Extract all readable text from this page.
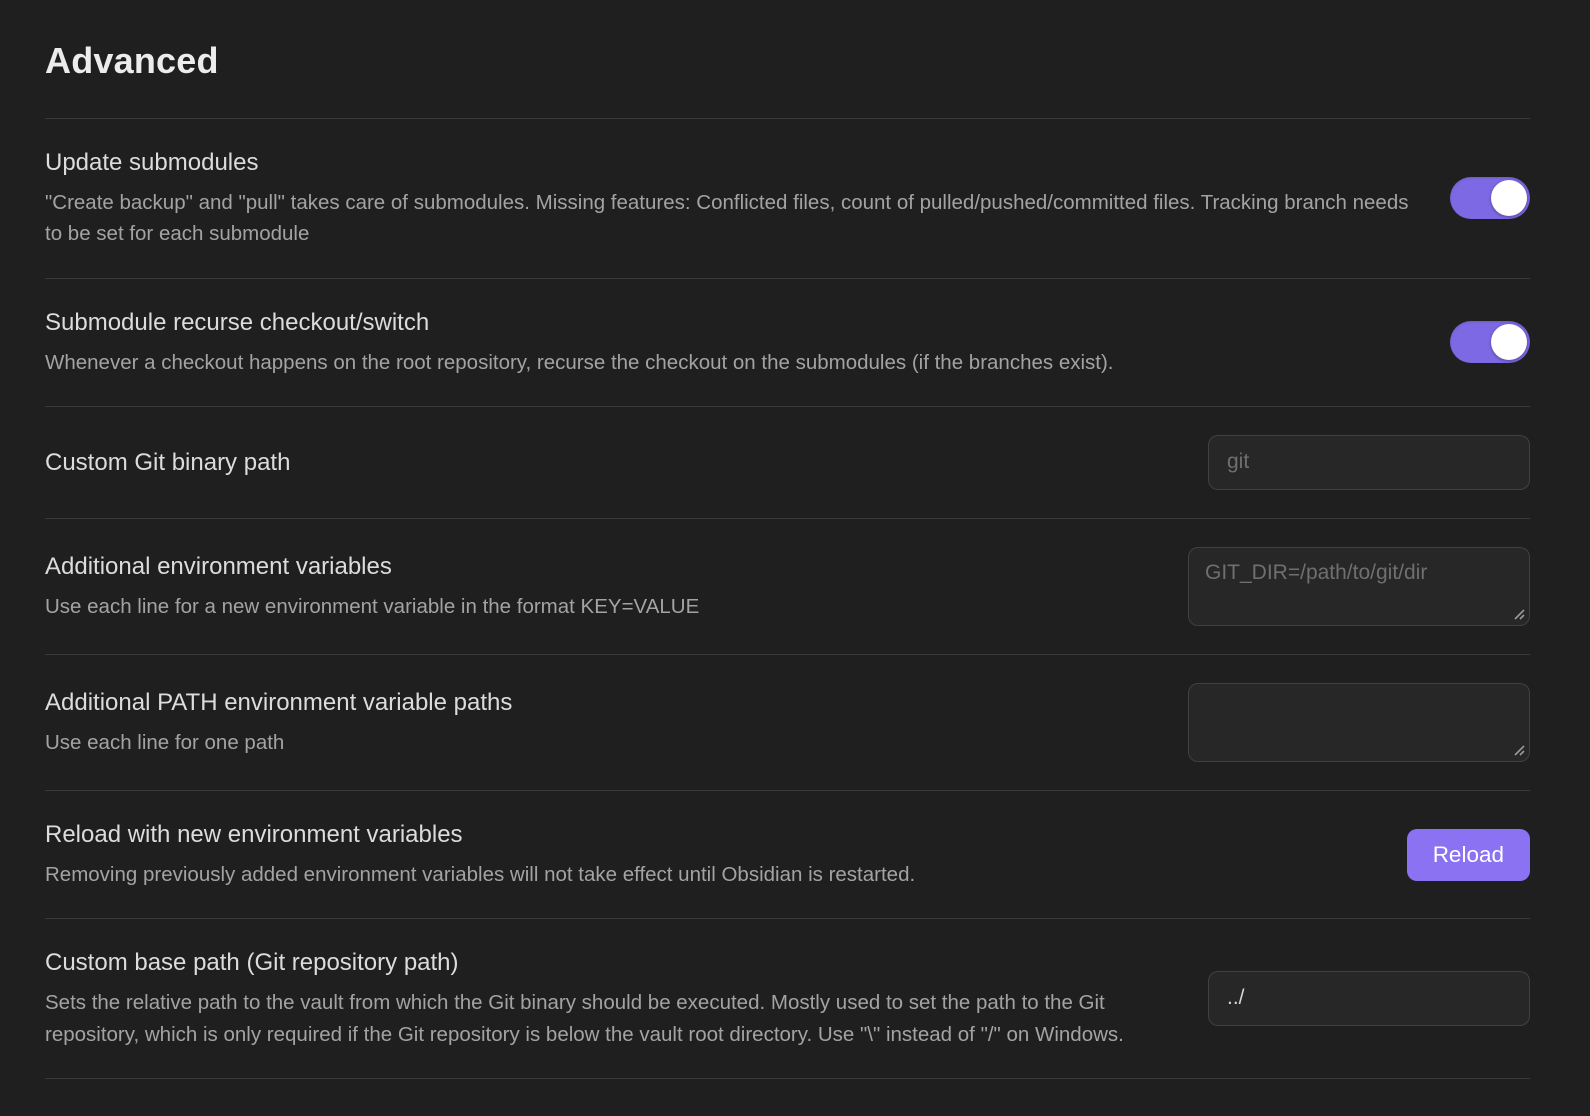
Advanced
Update submodules
"Create backup" and "pull" takes care of submodules. Missing features: Conflicted files, count of pulled/pushed/committed files. Tracking branch needs to be set for each submodule
Submodule recurse checkout/switch
Whenever a checkout happens on the root repository, recurse the checkout on the submodules (if the branches exist).
Custom Git binary path
git
Additional environment variables
Use each line for a new environment variable in the format KEY=VALUE
GIT_DIR=/path/to/git/dir
Additional PATH environment variable paths
Use each line for one path
Reload with new environment variables
Removing previously added environment variables will not take effect until Obsidian is restarted.
Reload
Custom base path (Git repository path)
Sets the relative path to the vault from which the Git binary should be executed. Mostly used to set the path to the Git repository, which is only required if the Git repository is below the vault root directory. Use "\" instead of "/" on Windows.
../
